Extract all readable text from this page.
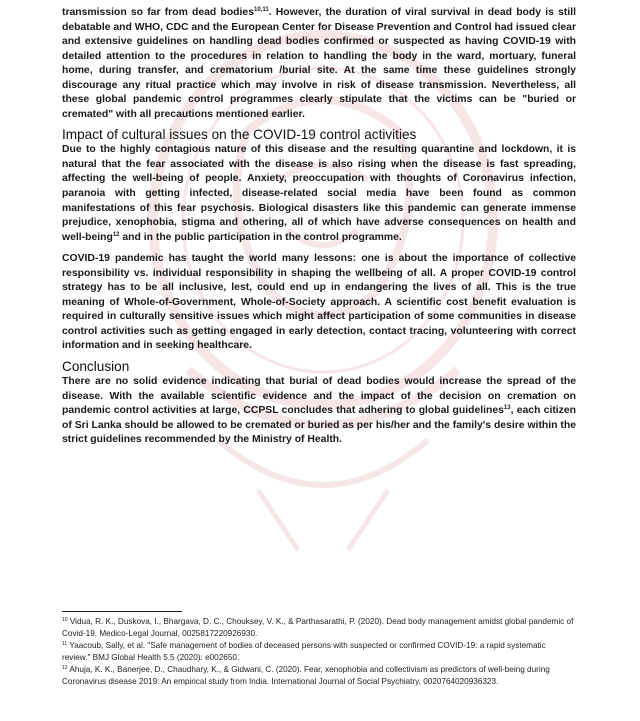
transmission so far from dead bodies$^{10,11}$. However, the duration of viral survival in dead body is still debatable and WHO, CDC and the European Center for Disease Prevention and Control had issued clear and extensive guidelines on handling dead bodies confirmed or suspected as having COVID-19 with detailed attention to the procedures in relation to handling the body in the ward, mortuary, funeral home, during transfer, and crematorium /burial site. At the same time these guidelines strongly discourage any ritual practice which may involve in risk of disease transmission. Nevertheless, all these global pandemic control programmes clearly stipulate that the victims can be "buried or cremated" with all precautions mentioned earlier.

Impact of cultural issues on the COVID-19 control activities

Due to the highly contagious nature of this disease and the resulting quarantine and lockdown, it is natural that the fear associated with the disease is also rising when the disease is fast spreading, affecting the well-being of people. Anxiety, preoccupation with thoughts of Coronavirus infection, paranoia with getting infected, disease-related social media have been found as common manifestations of this fear psychosis. Biological disasters like this pandemic can generate immense prejudice, xenophobia, stigma and othering, all of which have adverse consequences on health and well-being$^{12}$ and in the public participation in the control programme.

COVID-19 pandemic has taught the world many lessons: one is about the importance of collective responsibility vs. individual responsibility in shaping the wellbeing of all. A proper COVID-19 control strategy has to be all inclusive, lest, could end up in endangering the lives of all. This is the true meaning of Whole-of-Government, Whole-of-Society approach. A scientific cost benefit evaluation is required in culturally sensitive issues which might affect participation of some communities in disease control activities such as getting engaged in early detection, contact tracing, volunteering with correct information and in seeking healthcare.

Conclusion

There are no solid evidence indicating that burial of dead bodies would increase the spread of the disease. With the available scientific evidence and the impact of the decision on cremation on pandemic control activities at large, CCPSL concludes that adhering to global guidelines$^{13}$, each citizen of Sri Lanka should be allowed to be cremated or buried as per his/her and the family's desire within the strict guidelines recommended by the Ministry of Health.

$^{10}$ Vidua, R. K., Duskova, I., Bhargava, D. C., Chouksey, V. K., & Parthasarathi, P. (2020). Dead body management amidst global pandemic of Covid-19. Medico-Legal Journal, 0025817220926930.
$^{11}$ Yaacoub, Sally, et al. "Safe management of bodies of deceased persons with suspected or confirmed COVID-19: a rapid systematic review." BMJ Global Health 5.5 (2020): e002650.
$^{12}$ Ahuja, K. K., Banerjee, D., Chaudhary, K., & Gidwani, C. (2020). Fear, xenophobia and collectivism as predictors of well-being during Coronavirus disease 2019: An empirical study from India. International Journal of Social Psychiatry, 0020764020936323.
